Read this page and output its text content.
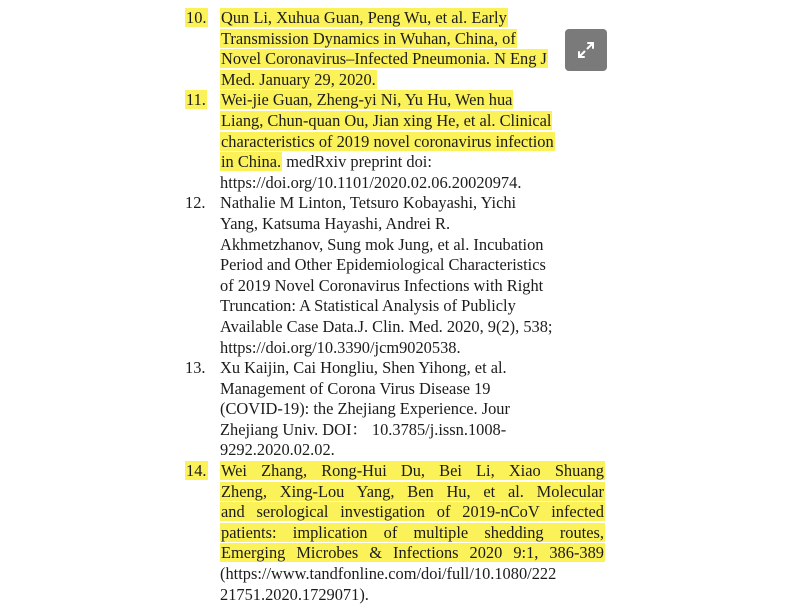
10. Qun Li, Xuhua Guan, Peng Wu, et al. Early
Transmission Dynamics in Wuhan, China, of
Novel Coronavirus–Infected Pneumonia. N Eng J
Med. January 29, 2020.
11. Wei-jie Guan, Zheng-yi Ni, Yu Hu, Wen hua
Liang, Chun-quan Ou, Jian xing He, et al. Clinical
characteristics of 2019 novel coronavirus infection
in China. medRxiv preprint doi:
https://doi.org/10.1101/2020.02.06.20020974.
12. Nathalie M Linton, Tetsuro Kobayashi, Yichi
Yang, Katsuma Hayashi, Andrei R.
Akhmetzhanov, Sung mok Jung, et al. Incubation
Period and Other Epidemiological Characteristics
of 2019 Novel Coronavirus Infections with Right
Truncation: A Statistical Analysis of Publicly
Available Case Data.J. Clin. Med. 2020, 9(2), 538;
https://doi.org/10.3390/jcm9020538.
13. Xu Kaijin, Cai Hongliu, Shen Yihong, et al.
Management of Corona Virus Disease 19
(COVID-19): the Zhejiang Experience. Jour
Zhejiang Univ. DOI： 10.3785/j.issn.1008-
9292.2020.02.02.
14. Wei Zhang, Rong-Hui Du, Bei Li, Xiao Shuang
Zheng, Xing-Lou Yang, Ben Hu, et al. Molecular
and serological investigation of 2019-nCoV infected
patients: implication of multiple shedding routes,
Emerging Microbes & Infections 2020 9:1, 386-389
(https://www.tandfonline.com/doi/full/10.1080/222
21751.2020.1729071).
